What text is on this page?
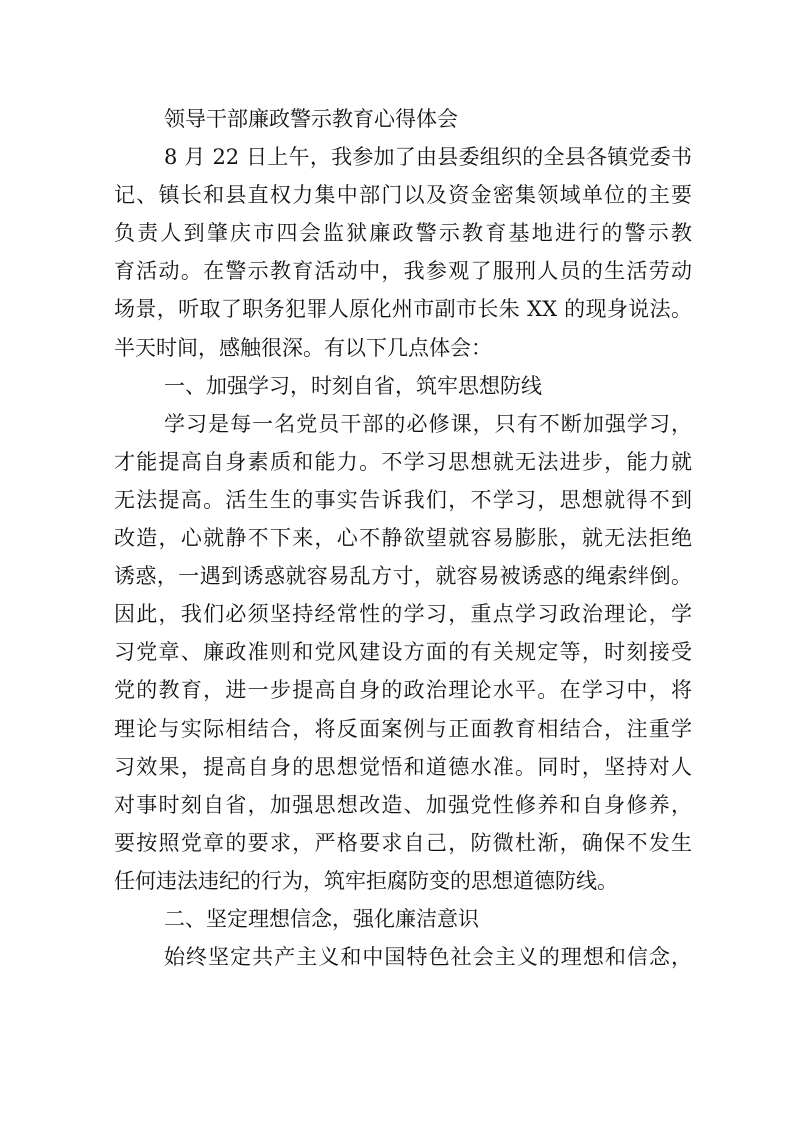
领导干部廉政警示教育心得体会
8 月 22 日上午，我参加了由县委组织的全县各镇党委书
记、镇长和县直权力集中部门以及资金密集领域单位的主要
负责人到肇庆市四会监狱廉政警示教育基地进行的警示教
育活动。在警示教育活动中，我参观了服刑人员的生活劳动
场景，听取了职务犯罪人原化州市副市长朱 XX 的现身说法。
半天时间，感触很深。有以下几点体会：
一、加强学习，时刻自省，筑牢思想防线
学习是每一名党员干部的必修课，只有不断加强学习，
才能提高自身素质和能力。不学习思想就无法进步，能力就
无法提高。活生生的事实告诉我们，不学习，思想就得不到
改造，心就静不下来，心不静欲望就容易膨胀，就无法拒绝
诱惑，一遇到诱惑就容易乱方寸，就容易被诱惑的绳索绊倒。
因此，我们必须坚持经常性的学习，重点学习政治理论，学
习党章、廉政准则和党风建设方面的有关规定等，时刻接受
党的教育，进一步提高自身的政治理论水平。在学习中，将
理论与实际相结合，将反面案例与正面教育相结合，注重学
习效果，提高自身的思想觉悟和道德水准。同时，坚持对人
对事时刻自省，加强思想改造、加强党性修养和自身修养，
要按照党章的要求，严格要求自己，防微杜渐，确保不发生
任何违法违纪的行为，筑牢拒腐防变的思想道德防线。
二、坚定理想信念，强化廉洁意识
始终坚定共产主义和中国特色社会主义的理想和信念，
